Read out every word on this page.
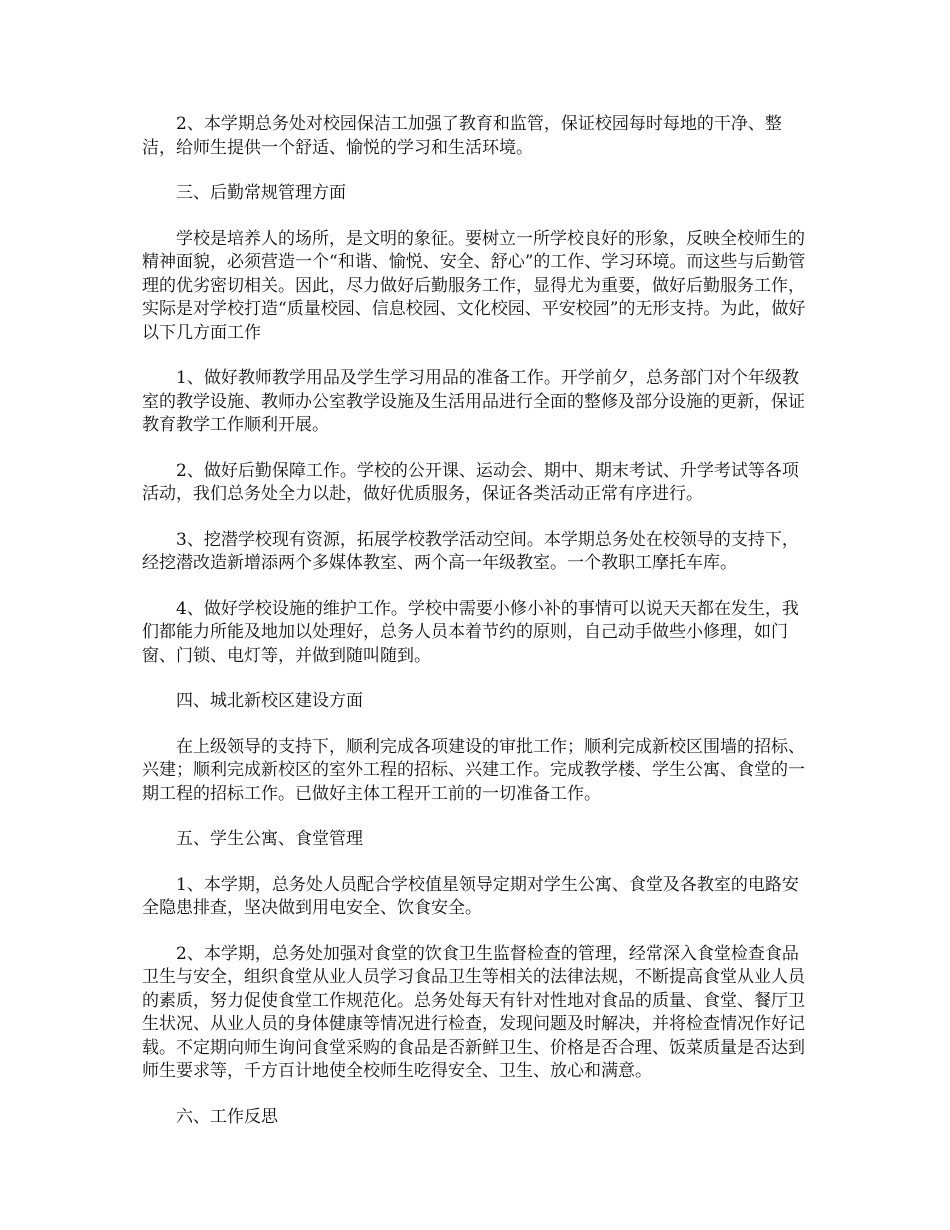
2、本学期总务处对校园保洁工加强了教育和监管，保证校园每时每地的干净、整洁，给师生提供一个舒适、愉悦的学习和生活环境。

三、后勤常规管理方面

学校是培养人的场所，是文明的象征。要树立一所学校良好的形象，反映全校师生的精神面貌，必须营造一个“和谐、愉悦、安全、舒心”的工作、学习环境。而这些与后勤管理的优劣密切相关。因此，尽力做好后勤服务工作，显得尤为重要，做好后勤服务工作，实际是对学校打造“质量校园、信息校园、文化校园、平安校园”的无形支持。为此，做好以下几方面工作

1、做好教师教学用品及学生学习用品的准备工作。开学前夕，总务部门对个年级教室的教学设施、教师办公室教学设施及生活用品进行全面的整修及部分设施的更新，保证教育教学工作顺利开展。

2、做好后勤保障工作。学校的公开课、运动会、期中、期末考试、升学考试等各项活动，我们总务处全力以赴，做好优质服务，保证各类活动正常有序进行。

3、挖潜学校现有资源，拓展学校教学活动空间。本学期总务处在校领导的支持下，经挖潜改造新增添两个多媒体教室、两个高一年级教室。一个教职工摩托车库。

4、做好学校设施的维护工作。学校中需要小修小补的事情可以说天天都在发生，我们都能力所能及地加以处理好，总务人员本着节约的原则，自己动手做些小修理，如门窗、门锁、电灯等，并做到随叫随到。

四、城北新校区建设方面

在上级领导的支持下，顺利完成各项建设的审批工作；顺利完成新校区围墙的招标、兴建；顺利完成新校区的室外工程的招标、兴建工作。完成教学楼、学生公寓、食堂的一期工程的招标工作。已做好主体工程开工前的一切准备工作。

五、学生公寓、食堂管理

1、本学期，总务处人员配合学校值星领导定期对学生公寓、食堂及各教室的电路安全隐患排查，坚决做到用电安全、饮食安全。

2、本学期，总务处加强对食堂的饮食卫生监督检查的管理，经常深入食堂检查食品卫生与安全，组织食堂从业人员学习食品卫生等相关的法律法规，不断提高食堂从业人员的素质，努力促使食堂工作规范化。总务处每天有针对性地对食品的质量、食堂、餐厅卫生状况、从业人员的身体健康等情况进行检查，发现问题及时解决，并将检查情况作好记载。不定期向师生询问食堂采购的食品是否新鲜卫生、价格是否合理、饭菜质量是否达到师生要求等，千方百计地使全校师生吃得安全、卫生、放心和满意。

六、工作反思
